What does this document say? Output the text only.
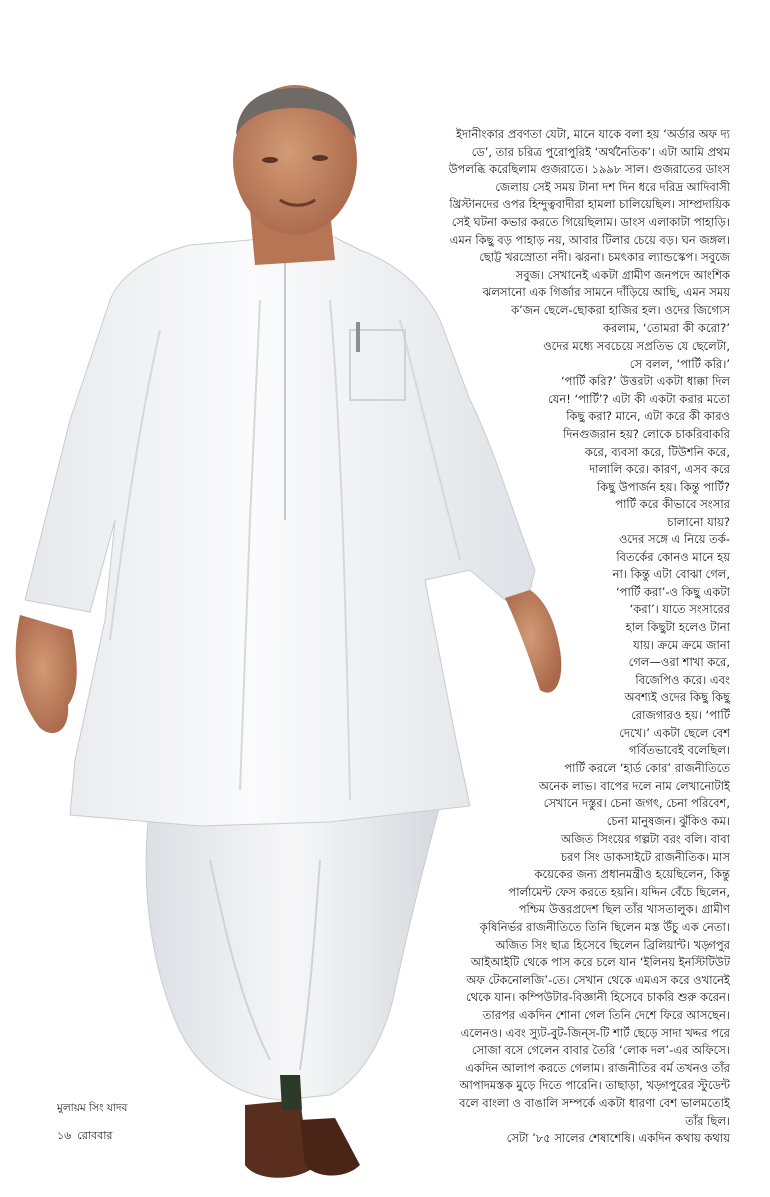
ইদানীংকার প্রবণতা যেটা, মানে যাকে বলা হয় ‘অর্ডার অফ দ্য
ডে’, তার চরিত্র পুরোপুরিই ‘অর্থনৈতিক’। এটা আমি প্রথম
উপলব্ধি করেছিলাম গুজরাতে। ১৯৯৮ সাল। গুজরাতের ডাংস
জেলায় সেই সময় টানা দশ দিন ধরে দরিদ্র আদিবাসী
খ্রিস্টানদের ওপর হিন্দুত্ববাদীরা হামলা চালিয়েছিল। সাম্প্রদায়িক
সেই ঘটনা কভার করতে গিয়েছিলাম। ডাংস এলাকাটা পাহাড়ি।
এমন কিছু বড় পাহাড় নয়, আবার টিলার চেয়ে বড়। ঘন জঙ্গল।
ছোট্ট খরস্রোতা নদী। ঝরনা। চমৎকার ল্যান্ডস্কেপ। সবুজে
সবুজ। সেখানেই একটা গ্রামীণ জনপদে আংশিক
ঝলসানো এক গির্জার সামনে দাঁড়িয়ে আছি, এমন সময়
ক’জন ছেলে-ছোকরা হাজির হল। ওদের জিগ্যেস
করলাম, ‘তোমরা কী করো?’
ওদের মধ্যে সবচেয়ে সপ্রতিভ যে ছেলেটা,
সে বলল, ‘পার্টি করি।’
‘পার্টি করি?’ উত্তরটা একটা ধাক্কা দিল
যেন! ‘পার্টি’? এটা কী একটা করার মতো
কিছু করা? মানে, এটা করে কী কারও
দিনগুজরান হয়? লোকে চাকরিবাকরি
করে, ব্যবসা করে, টিউশনি করে,
দালালি করে। কারণ, এসব করে
কিছু উপার্জন হয়। কিন্তু পার্টি?
পার্টি করে কীভাবে সংসার
চালানো যায়?
ওদের সঙ্গে এ নিয়ে তর্ক-
বিতর্কের কোনও মানে হয়
না। কিন্তু এটা বোঝা গেল,
‘পার্টি করা’-ও কিছু একটা
‘করা’। যাতে সংসারের
হাল কিছুটা হলেও টানা
যায়। ক্রমে ক্রমে জানা
গেল—ওরা শাখা করে,
বিজেপিও করে। এবং
অবশ্যই ওদের কিছু কিছু
রোজগারও হয়। ‘পার্টি
দেখে।’ একটা ছেলে বেশ
গর্বিতভাবেই বলেছিল।
পার্টি করলে ‘হার্ড কোর’ রাজনীতিতে
অনেক লাভ। বাপের দলে নাম লেখানোটাই
সেখানে দস্তুর। চেনা জগৎ, চেনা পরিবেশ,
চেনা মানুষজন। ঝুঁকিও কম।
অজিত সিংয়ের গল্পটা বরং বলি। বাবা
চরণ সিং ডাকসাইটে রাজনীতিক। মাস
কয়েকের জন্য প্রধানমন্ত্রীও হয়েছিলেন, কিন্তু
পার্লামেন্ট ফেস করতে হয়নি। যদ্দিন বেঁচে ছিলেন,
পশ্চিম উত্তরপ্রদেশ ছিল তাঁর খাসতালুক। গ্রামীণ
কৃষিনির্ভর রাজনীতিতে তিনি ছিলেন মস্ত উঁচু এক নেতা।
অজিত সিং ছাত্র হিসেবে ছিলেন ব্রিলিয়ান্ট। খড়্গপুর
আইআইটি থেকে পাস করে চলে যান ‘ইলিনয় ইনস্টিটিউট
অফ টেকনোলজি’-তে। সেখান থেকে এমএস করে ওখানেই
থেকে যান। কম্পিউটার-বিজ্ঞানী হিসেবে চাকরি শুরু করেন।
তারপর একদিন শোনা গেল তিনি দেশে ফিরে আসছেন।
এলেনও। এবং স্যুট-বুট-জিন্‌স-টি শার্ট ছেড়ে সাদা খদ্দর পরে
সোজা বসে গেলেন বাবার তৈরি ‘লোক দল’-এর অফিসে।
একদিন আলাপ করতে গেলাম। রাজনীতির বর্ম তখনও তাঁর
আপাদমস্তক মুড়ে দিতে পারেনি। তাছাড়া, খড়্গপুরের স্টুডেন্ট
বলে বাংলা ও বাঙালি সম্পর্কে একটা ধারণা বেশ ভালমতোই
তাঁর ছিল।
সেটা ’৮৫ সালের শেষাশেষি। একদিন কথায় কথায়
মুলায়ম সিং যাদব
১৬ রোববার
